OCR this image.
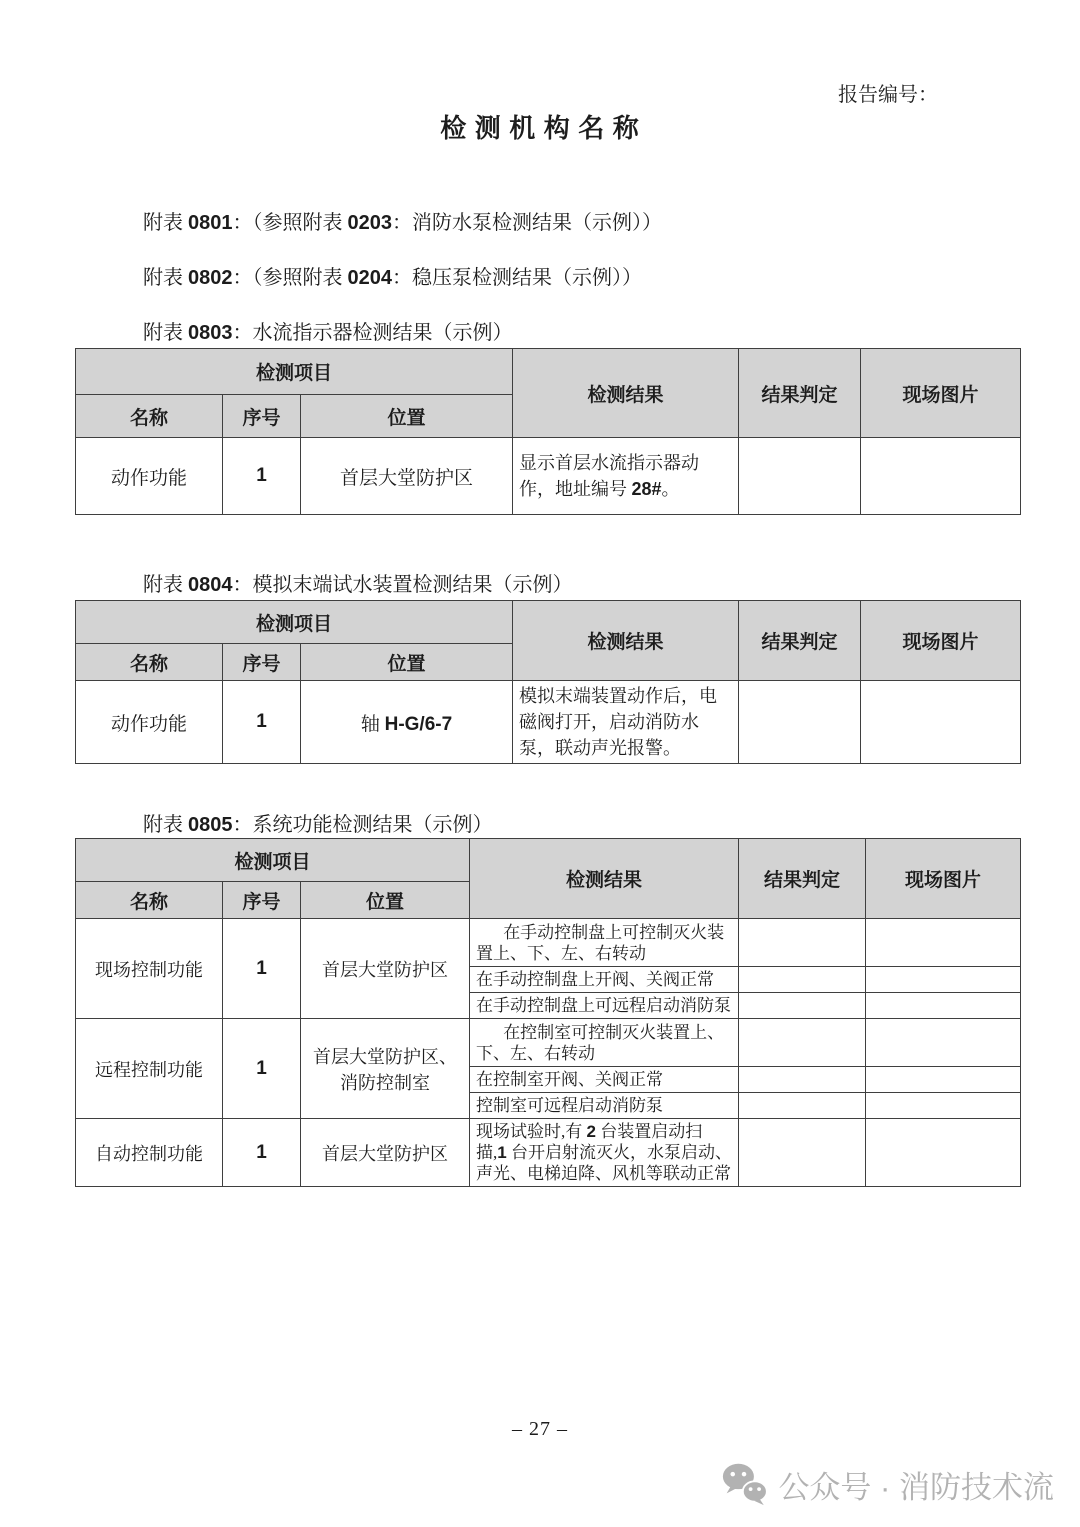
报告编号：
检 测 机 构 名 称

附表 0801：（参照附表 0203：消防水泵检测结果（示例））

附表 0802：（参照附表 0204：稳压泵检测结果（示例））

附表 0803：水流指示器检测结果（示例）

检测项目			检测结果	结果判定	现场图片
名称	序号	位置			
动作功能	1	首层大堂防护区	显示首层水流指示器动作，地址编号 28#。		

附表 0804：模拟末端试水装置检测结果（示例）

检测项目			检测结果	结果判定	现场图片
名称	序号	位置			
动作功能	1	轴 H-G/6-7	模拟末端装置动作后，电磁阀打开，启动消防水泵，联动声光报警。		

附表 0805：系统功能检测结果（示例）

检测项目			检测结果	结果判定	现场图片
名称	序号	位置			
现场控制功能	1	首层大堂防护区	在手动控制盘上可控制灭火装置上、下、左、右转动		
			在手动控制盘上开阀、关阀正常		
			在手动控制盘上可远程启动消防泵		
远程控制功能	1	首层大堂防护区、消防控制室	在控制室可控制灭火装置上、下、左、右转动		
			在控制室开阀、关阀正常		
			控制室可远程启动消防泵		
自动控制功能	1	首层大堂防护区	现场试验时,有 2 台装置启动扫描,1 台开启射流灭火，水泵启动、声光、电梯迫降、风机等联动正常		
– 27 –
公众号 · 消防技术流
